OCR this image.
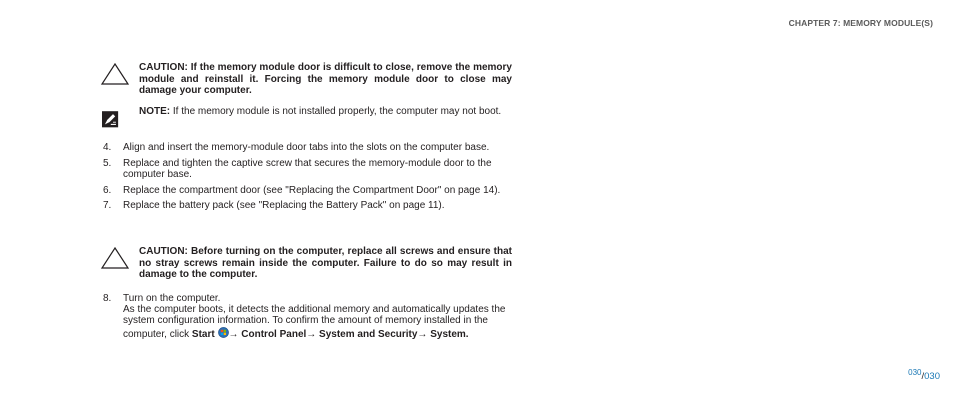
CHAPTER 7: MEMORY MODULE(S)
CAUTION: If the memory module door is difficult to close, remove the memory module and reinstall it. Forcing the memory module door to close may damage your computer.
NOTE: If the memory module is not installed properly, the computer may not boot.
4. Align and insert the memory-module door tabs into the slots on the computer base.
5. Replace and tighten the captive screw that secures the memory-module door to the computer base.
6. Replace the compartment door (see "Replacing the Compartment Door" on page 14).
7. Replace the battery pack (see "Replacing the Battery Pack" on page 11).
CAUTION: Before turning on the computer, replace all screws and ensure that no stray screws remain inside the computer. Failure to do so may result in damage to the computer.
8. Turn on the computer.
As the computer boots, it detects the additional memory and automatically updates the system configuration information. To confirm the amount of memory installed in the computer, click Start → Control Panel→ System and Security→ System.
$^{030}$/030
